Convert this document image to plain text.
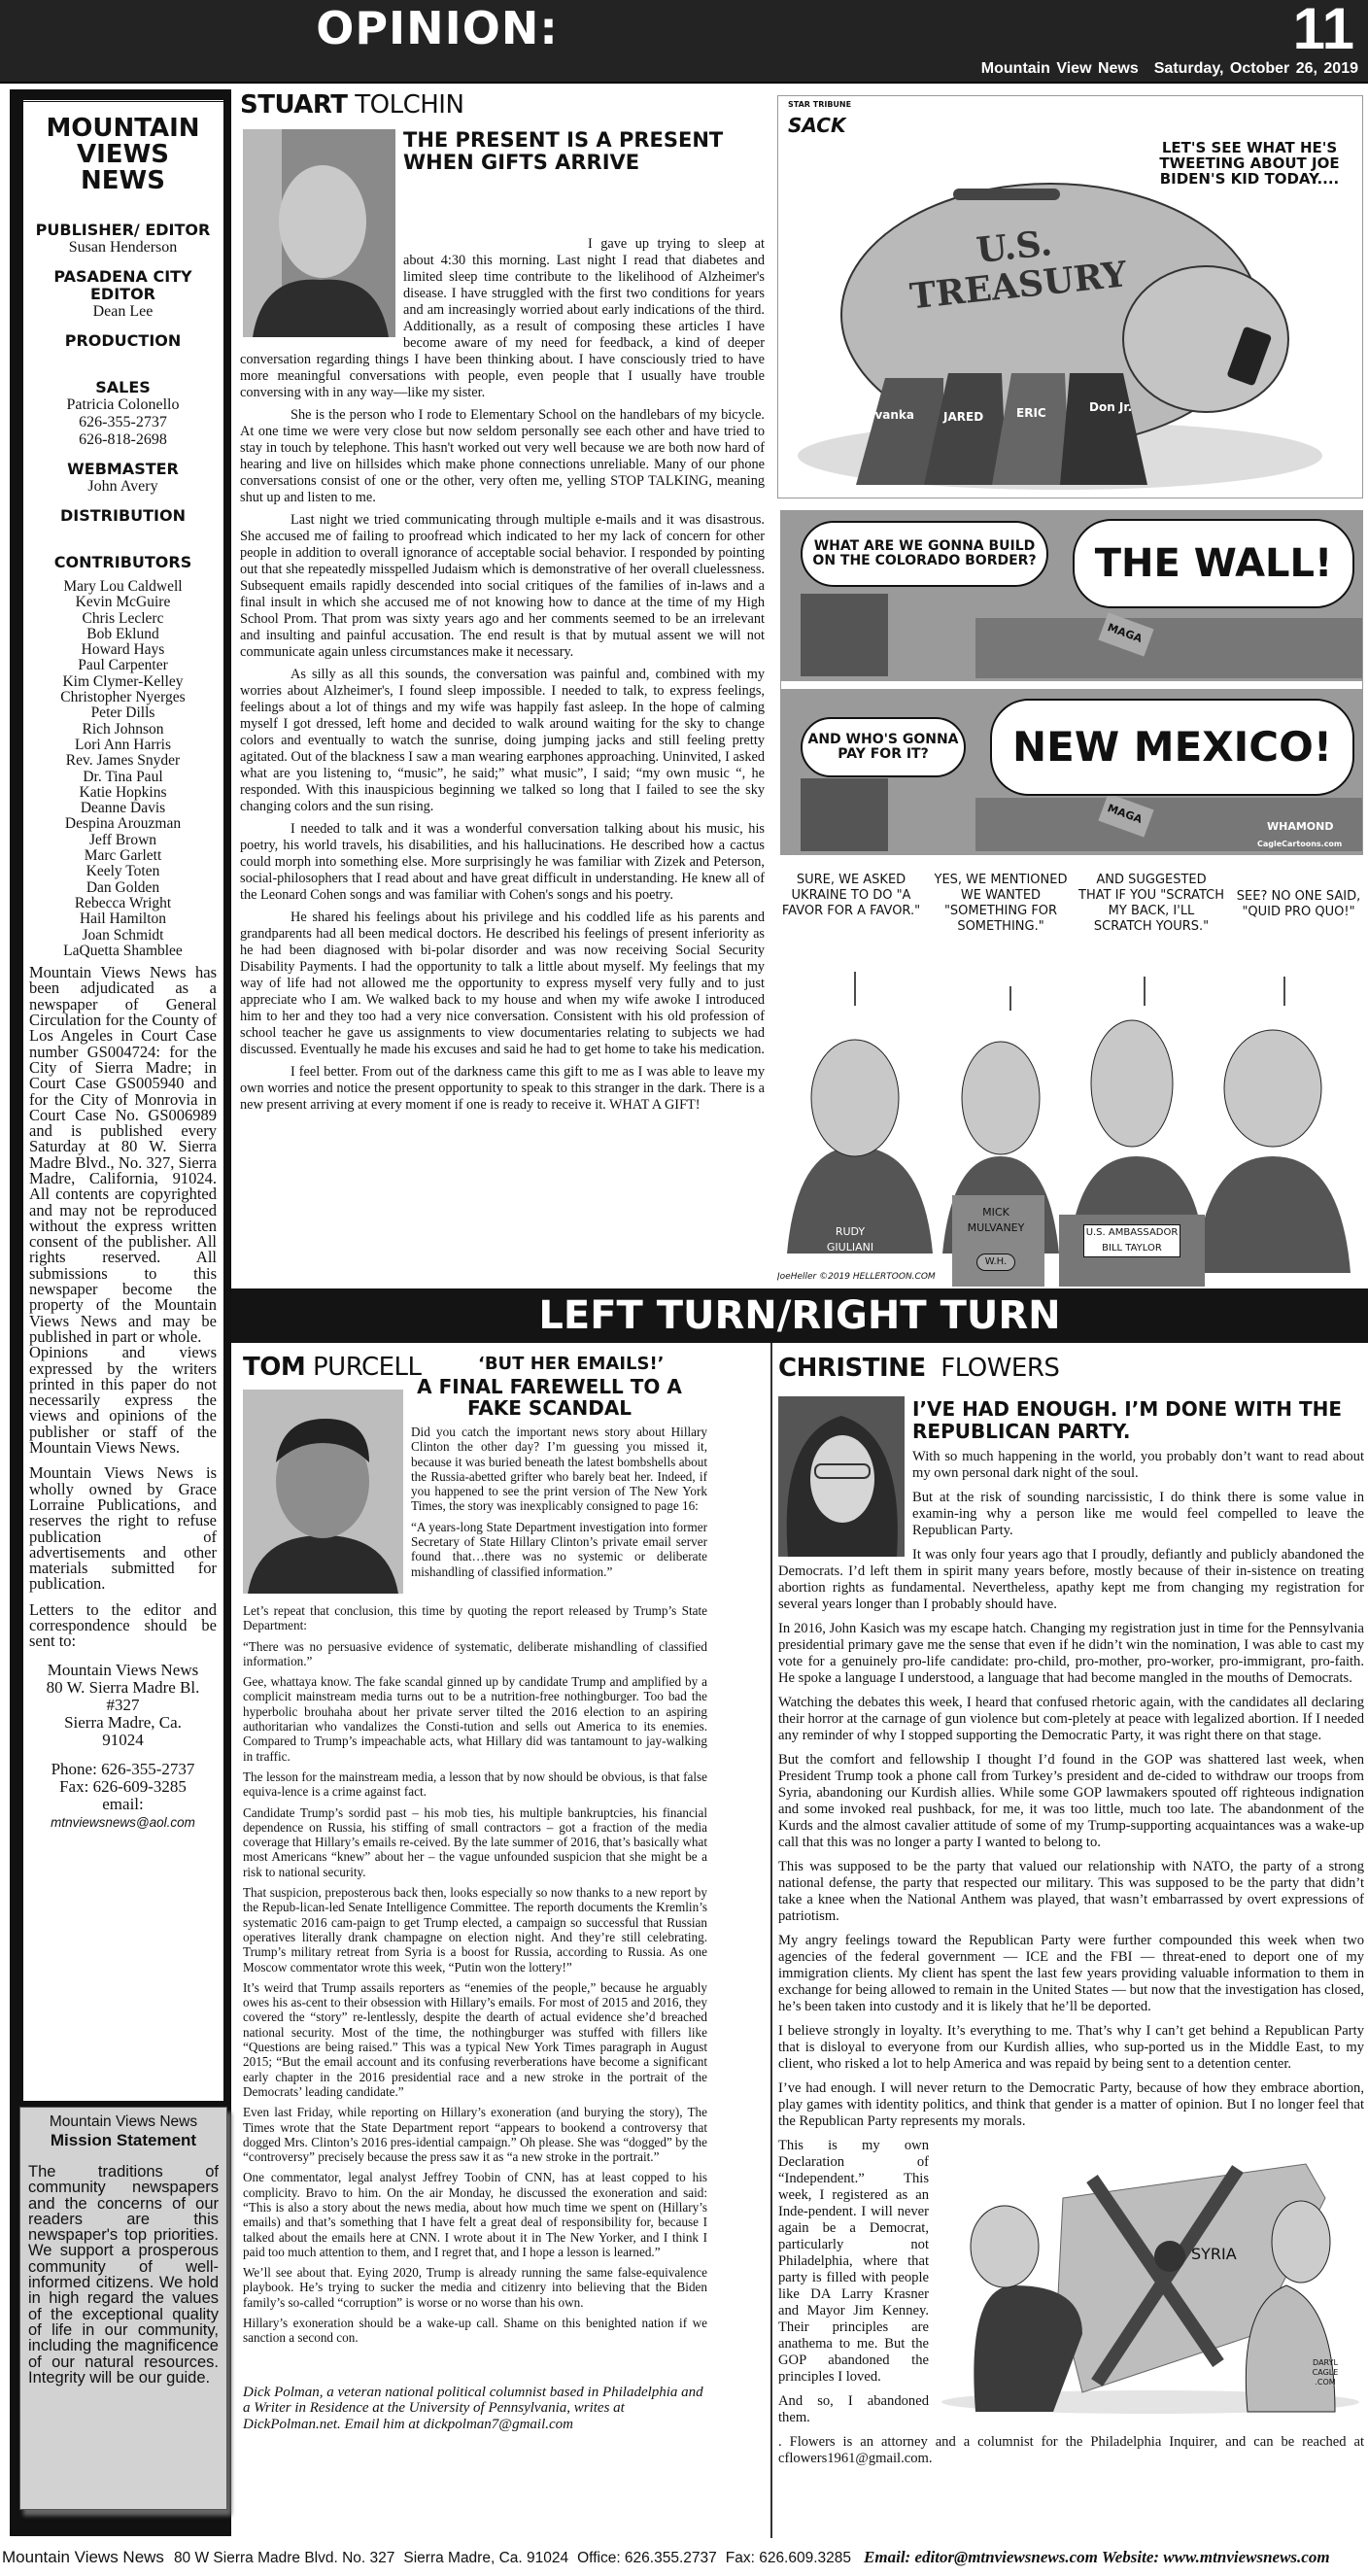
OPINION:	11
Mountain View News Saturday, October 26, 2019
MOUNTAIN
VIEWS
NEWS
PUBLISHER/ EDITOR
Susan Henderson
PASADENA CITY EDITOR
Dean Lee
PRODUCTION
SALES
Patricia Colonello
626-355-2737
626-818-2698
WEBMASTER
John Avery
DISTRIBUTION
CONTRIBUTORS
Mary Lou Caldwell
Kevin McGuire
Chris Leclerc
Bob Eklund
Howard Hays
Paul Carpenter
Kim Clymer-Kelley
Christopher Nyerges
Peter Dills
Rich Johnson
Lori Ann Harris
Rev. James Snyder
Dr. Tina Paul
Katie Hopkins
Deanne Davis
Despina Arouzman
Jeff Brown
Marc Garlett
Keely Toten
Dan Golden
Rebecca Wright
Hail Hamilton
Joan Schmidt
LaQuetta Shamblee
Mountain Views News has been adjudicated as a newspaper of General Circulation for the County of Los Angeles in Court Case number GS004724: for the City of Sierra Madre; in Court Case GS005940 and for the City of Monrovia in Court Case No. GS006989 and is published every Saturday at 80 W. Sierra Madre Blvd., No. 327, Sierra Madre, California, 91024. All contents are copyrighted and may not be reproduced without the express written consent of the publisher. All rights reserved. All submissions to this newspaper become the property of the Mountain Views News and may be published in part or whole.
Opinions and views expressed by the writers printed in this paper do not necessarily express the views and opinions of the publisher or staff of the Mountain Views News.
Mountain Views News is wholly owned by Grace Lorraine Publications, and reserves the right to refuse publication of advertisements and other materials submitted for publication.
Letters to the editor and correspondence should be sent to:
Mountain Views News
80 W. Sierra Madre Bl.
#327
Sierra Madre, Ca.
91024
Phone: 626-355-2737
Fax: 626-609-3285
email:
mtnviewsnews@aol.com
Mountain Views News
Mission Statement
The traditions of community newspapers and the concerns of our readers are this newspaper's top priorities. We support a prosperous community of well-informed citizens. We hold in high regard the values of the exceptional quality of life in our community, including the magnificence of our natural resources. Integrity will be our guide.
STUART TOLCHIN
THE PRESENT IS A PRESENT WHEN GIFTS ARRIVE

I gave up trying to sleep at about 4:30 this morning. Last night I read that diabetes and limited sleep time contribute to the likelihood of Alzheimer's disease. I have struggled with the first two conditions for years and am increasingly worried about early indications of the third. Additionally, as a result of composing these articles I have become aware of my need for feedback, a kind of deeper conversation regarding things I have been thinking about. I have consciously tried to have more meaningful conversations with people, even people that I usually have trouble conversing with in any way—like my sister.

She is the person who I rode to Elementary School on the handlebars of my bicycle. At one time we were very close but now seldom personally see each other and have tried to stay in touch by telephone. This hasn't worked out very well because we are both now hard of hearing and live on hillsides which make phone connections unreliable. Many of our phone conversations consist of one or the other, very often me, yelling STOP TALKING, meaning shut up and listen to me.

Last night we tried communicating through multiple e-mails and it was disastrous. She accused me of failing to proofread which indicated to her my lack of concern for other people in addition to overall ignorance of acceptable social behavior. I responded by pointing out that she repeatedly misspelled Judaism which is demonstrative of her overall cluelessness. Subsequent emails rapidly descended into social critiques of the families of in-laws and a final insult in which she accused me of not knowing how to dance at the time of my High School Prom. That prom was sixty years ago and her comments seemed to be an irrelevant and insulting and painful accusation. The end result is that by mutual assent we will not communicate again unless circumstances make it necessary.

As silly as all this sounds, the conversation was painful and, combined with my worries about Alzheimer's, I found sleep impossible. I needed to talk, to express feelings, feelings about a lot of things and my wife was happily fast asleep. In the hope of calming myself I got dressed, left home and decided to walk around waiting for the sky to change colors and eventually to watch the sunrise, doing jumping jacks and still feeling pretty agitated. Out of the blackness I saw a man wearing earphones approaching. Uninvited, I asked what are you listening to, “music”, he said;” what music”, I said; “my own music “, he responded. With this inauspicious beginning we talked so long that I failed to see the sky changing colors and the sun rising.

I needed to talk and it was a wonderful conversation talking about his music, his poetry, his world travels, his disabilities, and his hallucinations. He described how a cactus could morph into something else. More surprisingly he was familiar with Zizek and Peterson, social-philosophers that I read about and have great difficult in understanding. He knew all of the Leonard Cohen songs and was familiar with Cohen's songs and his poetry.

He shared his feelings about his privilege and his coddled life as his parents and grandparents had all been medical doctors. He described his feelings of present inferiority as he had been diagnosed with bi-polar disorder and was now receiving Social Security Disability Payments. I had the opportunity to talk a little about myself. My feelings that my way of life had not allowed me the opportunity to express myself very fully and to just appreciate who I am. We walked back to my house and when my wife awoke I introduced him to her and they too had a very nice conversation. Consistent with his old profession of school teacher he gave us assignments to view documentaries relating to subjects we had discussed. Eventually he made his excuses and said he had to get home to take his medication.

I feel better. From out of the darkness came this gift to me as I was able to leave my own worries and notice the present opportunity to speak to this stranger in the dark. There is a new present arriving at every moment if one is ready to receive it. WHAT A GIFT!

STAR TRIBUNE
SACK
LET'S SEE WHAT HE'S TWEETING ABOUT JOE BIDEN'S KID TODAY....
U.S. TREASURY
Ivanka JARED	ERIC	Don Jr.
WHAT ARE WE GONNA BUILD ON THE COLORADO BORDER?	THE WALL!
AND WHO'S GONNA PAY FOR IT?	NEW MEXICO!
MAGA
MAGA
WHAMOND
CagleCartoons.com
SURE, WE ASKED UKRAINE TO DO "A FAVOR FOR A FAVOR."
YES, WE MENTIONED WE WANTED "SOMETHING FOR SOMETHING."
AND SUGGESTED THAT IF YOU "SCRATCH MY BACK, I'LL SCRATCH YOURS."
SEE? NO ONE SAID, "QUID PRO QUO!"
RUDY GIULIANI
MICK MULVANEY
W.H.
U.S. AMBASSADOR BILL TAYLOR
JoeHeller ©2019 HELLERTOON.COM
LEFT TURN/RIGHT TURN
TOM PURCELL	‘BUT HER EMAILS!’
A FINAL FAREWELL TO A FAKE SCANDAL

Did you catch the important news story about Hillary Clinton the other day? I’m guessing you missed it, because it was buried beneath the latest bombshells about the Russia-abetted grifter who barely beat her. Indeed, if you happened to see the print version of The New York Times, the story was inexplicably consigned to page 16:

“A years-long State Department investigation into former Secretary of State Hillary Clinton’s private email server found that…there was no systemic or deliberate mishandling of classified information.”

Let’s repeat that conclusion, this time by quoting the report released by Trump’s State Department:

“There was no persuasive evidence of systematic, deliberate mishandling of classified information.”

Gee, whattaya know. The fake scandal ginned up by candidate Trump and amplified by a complicit mainstream media turns out to be a nutrition-free nothingburger. Too bad the hyperbolic brouhaha about her private server tilted the 2016 election to an aspiring authoritarian who vandalizes the Consti-tution and sells out America to its enemies. Compared to Trump’s impeachable acts, what Hillary did was tantamount to jay-walking in traffic.

The lesson for the mainstream media, a lesson that by now should be obvious, is that false equiva-lence is a crime against fact.

Candidate Trump’s sordid past – his mob ties, his multiple bankruptcies, his financial dependence on Russia, his stiffing of small contractors – got a fraction of the media coverage that Hillary’s emails re-ceived. By the late summer of 2016, that’s basically what most Americans “knew” about her – the vague unfounded suspicion that she might be a risk to national security.

That suspicion, preposterous back then, looks especially so now thanks to a new report by the Repub-lican-led Senate Intelligence Committee. The reporth documents the Kremlin’s systematic 2016 cam-paign to get Trump elected, a campaign so successful that Russian operatives literally drank champagne on election night. And they’re still celebrating. Trump’s military retreat from Syria is a boost for Russia, according to Russia. As one Moscow commentator wrote this week, “Putin won the lottery!”

It’s weird that Trump assails reporters as “enemies of the people,” because he arguably owes his as-cent to their obsession with Hillary’s emails. For most of 2015 and 2016, they covered the “story” re-lentlessly, despite the dearth of actual evidence she’d breached national security. Most of the time, the nothingburger was stuffed with fillers like “Questions are being raised.” This was a typical New York Times paragraph in August 2015; “But the email account and its confusing reverberations have become a significant early chapter in the 2016 presidential race and a new stroke in the portrait of the Democrats’ leading candidate.”

Even last Friday, while reporting on Hillary’s exoneration (and burying the story), The Times wrote that the State Department report “appears to bookend a controversy that dogged Mrs. Clinton’s 2016 pres-idential campaign.” Oh please. She was “dogged” by the “controversy” precisely because the press saw it as “a new stroke in the portrait.”

One commentator, legal analyst Jeffrey Toobin of CNN, has at least copped to his complicity. Bravo to him. On the air Monday, he discussed the exoneration and said: “This is also a story about the news media, about how much time we spent on (Hillary’s emails) and that’s something that I have felt a great deal of responsibility for, because I talked about the emails here at CNN. I wrote about it in The New Yorker, and I think I paid too much attention to them, and I regret that, and I hope a lesson is learned.”

We’ll see about that. Eying 2020, Trump is already running the same false-equivalence playbook. He’s trying to sucker the media and citizenry into believing that the Biden family’s so-called “corruption” is worse or no worse than his own.

Hillary’s exoneration should be a wake-up call. Shame on this benighted nation if we sanction a second con.

Dick Polman, a veteran national political columnist based in Philadelphia and a Writer in Residence at the University of Pennsylvania, writes at DickPolman.net. Email him at dickpolman7@gmail.com

CHRISTINE FLOWERS
I’VE HAD ENOUGH. I’M DONE WITH THE REPUBLICAN PARTY.

With so much happening in the world, you probably don’t want to read about my own personal dark night of the soul.

But at the risk of sounding narcissistic, I do think there is some value in examin-ing why a person like me would feel compelled to leave the Republican Party.

It was only four years ago that I proudly, defiantly and publicly abandoned the Democrats. I’d left them in spirit many years before, mostly because of their in-sistence on treating abortion rights as fundamental. Nevertheless, apathy kept me from changing my registration for several years longer than I probably should have.

In 2016, John Kasich was my escape hatch. Changing my registration just in time for the Pennsylvania presidential primary gave me the sense that even if he didn’t win the nomination, I was able to cast my vote for a genuinely pro-life candidate: pro-child, pro-mother, pro-worker, pro-immigrant, pro-faith. He spoke a language I understood, a language that had become mangled in the mouths of Democrats.

Watching the debates this week, I heard that confused rhetoric again, with the candidates all declaring their horror at the carnage of gun violence but com-pletely at peace with legalized abortion. If I needed any reminder of why I stopped supporting the Democratic Party, it was right there on that stage.

But the comfort and fellowship I thought I’d found in the GOP was shattered last week, when President Trump took a phone call from Turkey’s president and de-cided to withdraw our troops from Syria, abandoning our Kurdish allies. While some GOP lawmakers spouted off righteous indignation and some invoked real pushback, for me, it was too little, much too late. The abandonment of the Kurds and the almost cavalier attitude of some of my Trump-supporting acquaintances was a wake-up call that this was no longer a party I wanted to belong to.

This was supposed to be the party that valued our relationship with NATO, the party of a strong national defense, the party that respected our military. This was supposed to be the party that didn’t take a knee when the National Anthem was played, that wasn’t embarrassed by overt expressions of patriotism.

My angry feelings toward the Republican Party were further compounded this week when two agencies of the federal government — ICE and the FBI — threat-ened to deport one of my immigration clients. My client has spent the last few years providing valuable information to them in exchange for being allowed to remain in the United States — but now that the investigation has closed, he’s been taken into custody and it is likely that he’ll be deported.

I believe strongly in loyalty. It’s everything to me. That’s why I can’t get behind a Republican Party that is disloyal to everyone from our Kurdish allies, who sup-ported us in the Middle East, to my client, who risked a lot to help America and was repaid by being sent to a detention center.

I’ve had enough. I will never return to the Democratic Party, because of how they embrace abortion, play games with identity politics, and think that gender is a matter of opinion. But I no longer feel that the Republican Party represents my morals.

SYRIA
DARYL CAGLE .COM

This is my own Declaration of “Independent.” This week, I registered as an Inde-pendent. I will never again be a Democrat, particularly not Philadelphia, where that party is filled with people like DA Larry Krasner and Mayor Jim Kenney. Their principles are anathema to me. But the GOP abandoned the principles I loved.

And so, I abandoned them.

. Flowers is an attorney and a columnist for the Philadelphia Inquirer, and can be reached at cflowers1961@gmail.com.

Mountain Views News 80 W Sierra Madre Blvd. No. 327 Sierra Madre, Ca. 91024 Office: 626.355.2737 Fax: 626.609.3285 Email: editor@mtnviewsnews.com Website: www.mtnviewsnews.com
